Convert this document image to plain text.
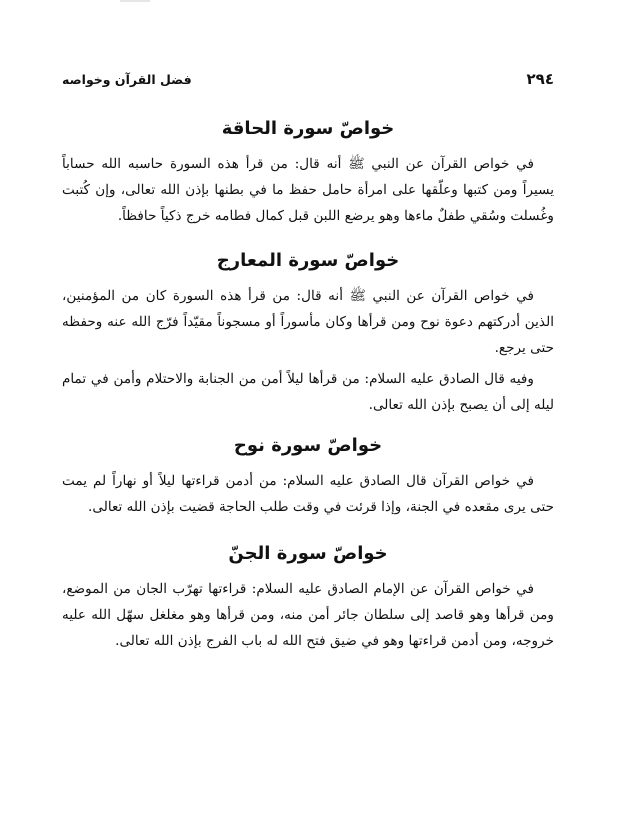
٢٩٤
فضل القرآن وخواصه
خواصّ سورة الحاقة

في خواص القرآن عن النبي ﷺ أنه قال: من قرأ هذه السورة حاسبه الله حساباً يسيراً ومن كتبها وعلّقها على امرأة حامل حفظ ما في بطنها بإذن الله تعالى، وإن كُتبت وغُسلت وسُقي طفلٌ ماءها وهو يرضع اللبن قبل كمال فطامه خرج ذكياً حافظاً.

خواصّ سورة المعارج

في خواص القرآن عن النبي ﷺ أنه قال: من قرأ هذه السورة كان من المؤمنين، الذين أدركتهم دعوة نوح ومن قرأها وكان مأسوراً أو مسجوناً مقيّداً فرّج الله عنه وحفظه حتى يرجع.

وفيه قال الصادق عليه السلام: من قرأها ليلاً أمن من الجنابة والاحتلام وأمن في تمام ليله إلى أن يصبح بإذن الله تعالى.

خواصّ سورة نوح

في خواص القرآن قال الصادق عليه السلام: من أدمن قراءتها ليلاً أو نهاراً لم يمت حتى يرى مقعده في الجنة، وإذا قرئت في وقت طلب الحاجة قضيت بإذن الله تعالى.

خواصّ سورة الجنّ

في خواص القرآن عن الإمام الصادق عليه السلام: قراءتها تهرّب الجان من الموضع، ومن قرأها وهو قاصد إلى سلطان جائر أمن منه، ومن قرأها وهو مغلغل سهّل الله عليه خروجه، ومن أدمن قراءتها وهو في ضيق فتح الله له باب الفرج بإذن الله تعالى.
